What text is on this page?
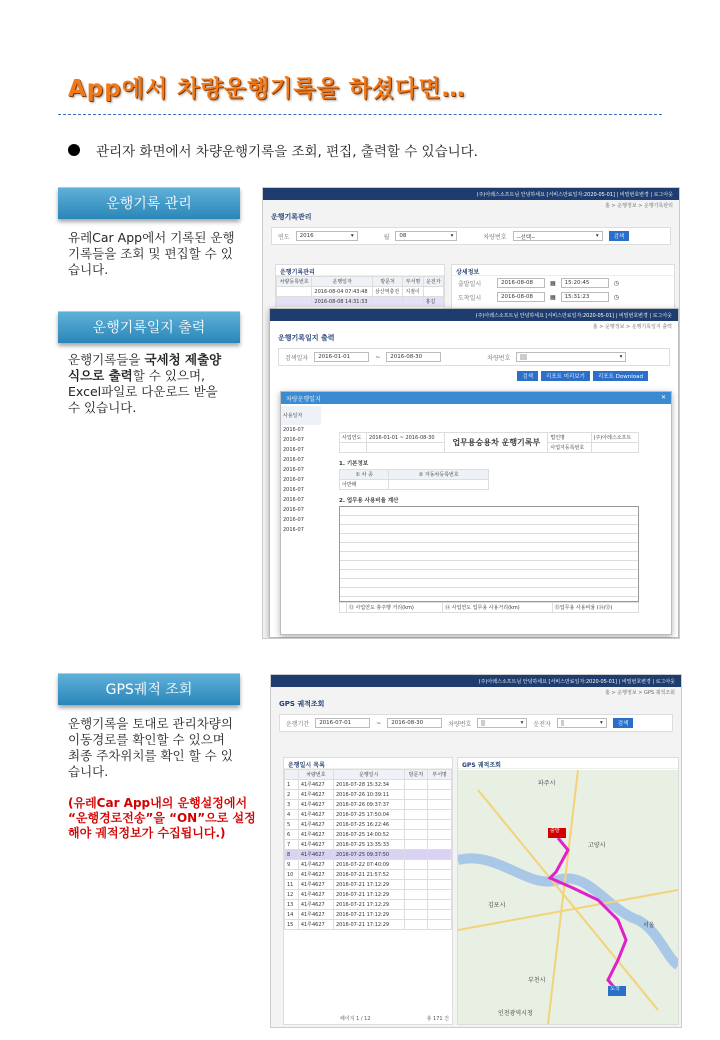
App에서 차량운행기록을 하셨다면…
관리자 화면에서 차량운행기록을 조회, 편집, 출력할 수 있습니다.
운행기록 관리
유레Car App에서 기록된 운행기록들을 조회 및 편집할 수 있습니다.
운행기록일지 출력
운행기록들을 국세청 제출양식으로 출력할 수 있으며, Excel파일로 다운로드 받을 수 있습니다.
GPS궤적 조회
운행기록을 토대로 관리차량의 이동경로를 확인할 수 있으며 최종 주차위치를 확인 할 수 있습니다.
(유레Car App내의 운행설정에서 “운행경로전송”을 “ON”으로 설정해야 궤적정보가 수집됩니다.)
(주)아레스소프트님 안녕하세요 [서비스만료일자:2020-05-01] | 비밀번호변경 | 로그아웃
홈 > 운행정보 > 운행기록관리
운행기록관리
연도 2016	▾	월 08	▾	차량번호 --선택--	▾	검색
운행기록관리
차량등록번호	운행일자	방문처	부서명	운전자
	2016-08-04 07:43:48	삼산역충전	지점이	
	2016-08-08 14:31:33			홍길
상세정보
출발일시	2016-08-08	▦ 15:20:45	◷
도착일시	2016-08-08	▦ 15:31:23	◷
(주)아레스소프트님 안녕하세요 [서비스만료일자:2020-05-01] | 비밀번호변경 | 로그아웃
홈 > 운행정보 > 운행기록일지 출력
운행기록일지 출력
검색일자 2016-01-01	~ 2016-08-30	차량번호
	▾
검색	리포트 미리보기	리포트 Download
차량운행일지	✕
사용일자
2016-07
2016-07
2016-07
2016-07
2016-07
2016-07
2016-07
2016-07
2016-07
2016-07
2016-07
사업연도	2016-01-01 ~ 2016-08-30	업무용승용차 운행기록부	법인명	(주)아레스소프트
			사업자등록번호	
1. 기본정보
① 차 종	② 자동차등록번호
아반떼	
2. 업무용 사용비율 계산
	⑬ 사업연도 총주행 거리(km)	⑭ 사업연도 업무용 사용거리(km)	⑮업무용 사용비율 (⑭/⑬)
(주)아레스소프트님 안녕하세요 [서비스만료일자:2020-05-01] | 비밀번호변경 | 로그아웃
홈 > 운행정보 > GPS 궤적조회
GPS 궤적조회
운행기간 2016-07-01	~ 2016-08-30	차량번호
	▾ 운전자
	▾	검색
운행일시 목록
	차량번호	운행일시	방문처	부서명
1	41루4627	2016-07-28 15:32:34		
2	41루4627	2016-07-26 10:39:11		
3	41루4627	2016-07-26 09:37:37		
4	41루4627	2016-07-25 17:50:04		
5	41루4627	2016-07-25 16:22:46		
6	41루4627	2016-07-25 14:00:52		
7	41루4627	2016-07-25 13:35:33		
8	41루4627	2016-07-25 09:37:50		
9	41루4627	2016-07-22 07:40:09		
10	41루4627	2016-07-21 21:57:52		
11	41루4627	2016-07-21 17:12:29		
12	41루4627	2016-07-21 17:12:29		
13	41루4627	2016-07-21 17:12:29		
14	41루4627	2016-07-21 17:12:29		
15	41루4627	2016-07-21 17:12:29		
페이지 1 / 12	총 171 건
GPS 궤적조회
출발
도착
파주시
고양시
김포시
서울
부천시
인천광역시청
